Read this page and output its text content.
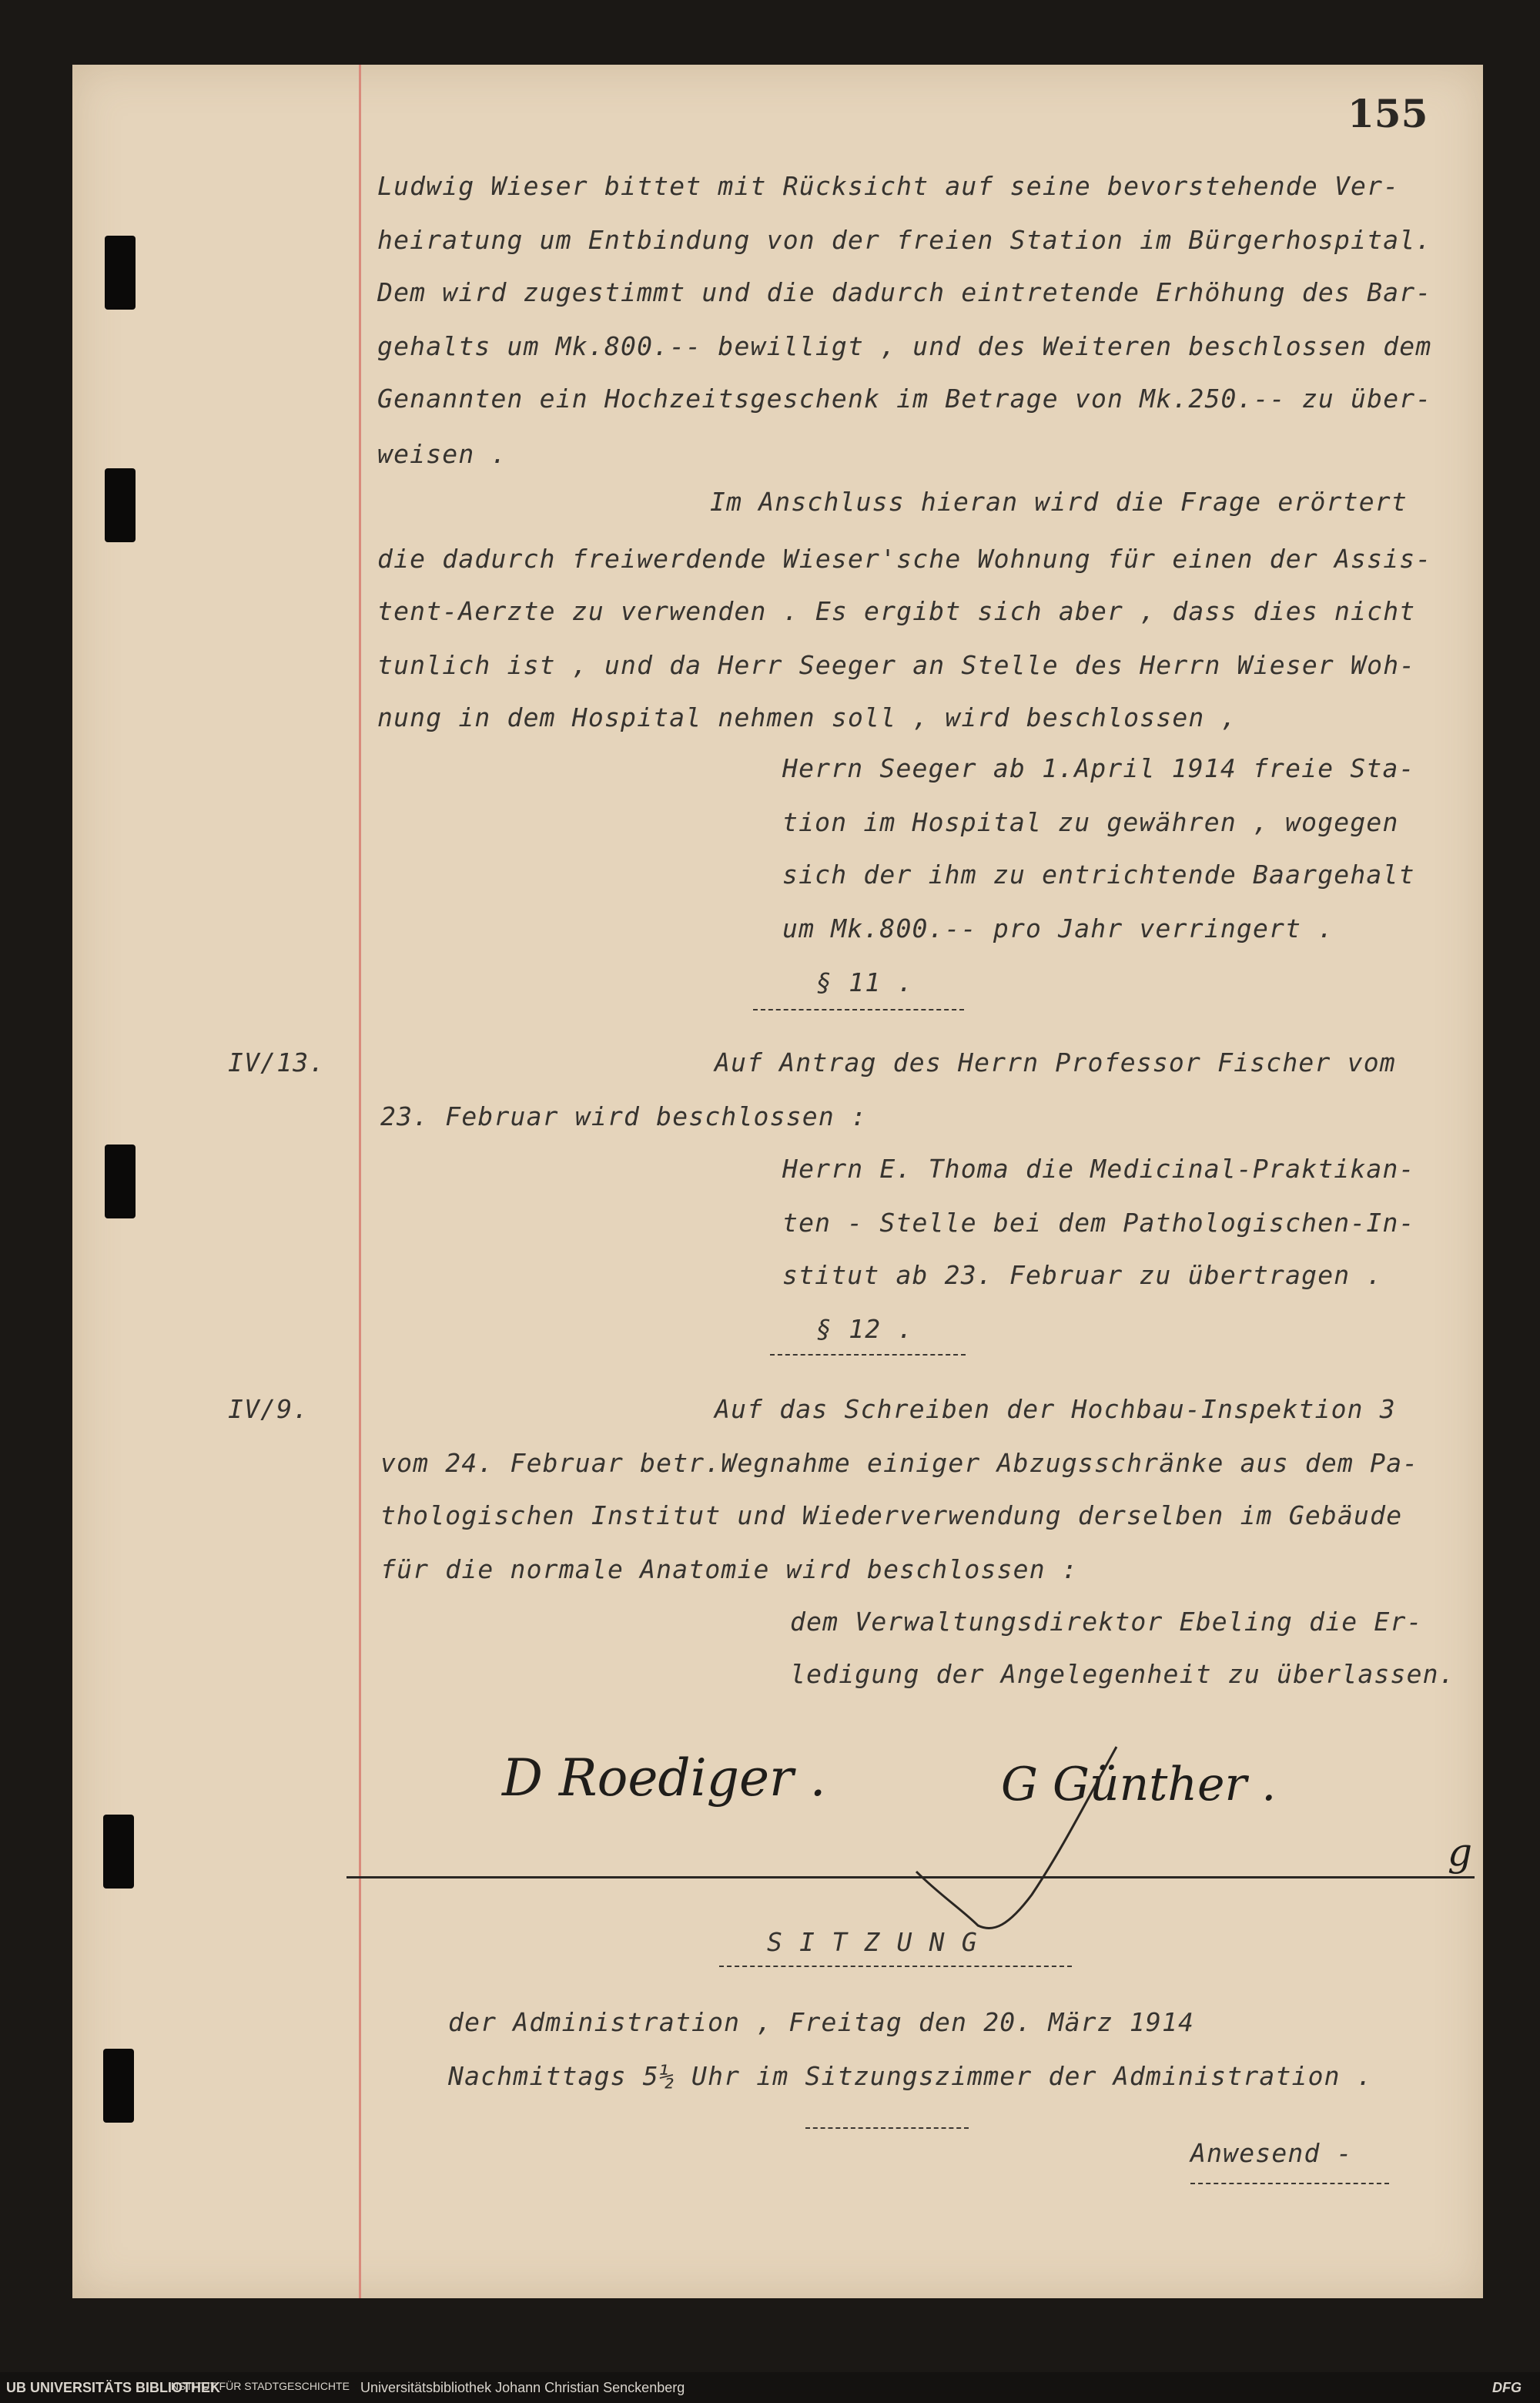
155
Ludwig Wieser bittet mit Rücksicht auf seine bevorstehende Ver-
heiratung um Entbindung von der freien Station im Bürgerhospital.
Dem wird zugestimmt und die dadurch eintretende Erhöhung des Bar-
gehalts um Mk.800.-- bewilligt , und des Weiteren beschlossen dem
Genannten ein Hochzeitsgeschenk im Betrage von Mk.250.-- zu über-
weisen .
Im Anschluss hieran wird die Frage erörtert
die dadurch freiwerdende Wieser'sche Wohnung für einen der Assis-
tent-Aerzte zu verwenden . Es ergibt sich aber , dass dies nicht
tunlich ist , und da Herr Seeger an Stelle des Herrn Wieser Woh-
nung in dem Hospital nehmen soll , wird beschlossen ,
Herrn Seeger ab 1.April 1914 freie Sta-
tion im Hospital zu gewähren , wogegen
sich der ihm zu entrichtende Baargehalt
um Mk.800.-- pro Jahr verringert .
§ 11 .
IV/13.	Auf Antrag des Herrn Professor Fischer vom
23. Februar wird beschlossen :
Herrn E. Thoma die Medicinal-Praktikan-
ten - Stelle bei dem Pathologischen-In-
stitut ab 23. Februar zu übertragen .
§ 12 .
IV/9.	Auf das Schreiben der Hochbau-Inspektion 3
vom 24. Februar betr.Wegnahme einiger Abzugsschränke aus dem Pa-
thologischen Institut und Wiederverwendung derselben im Gebäude
für die normale Anatomie wird beschlossen :
dem Verwaltungsdirektor Ebeling die Er-
ledigung der Angelegenheit zu überlassen.
S I T Z U N G
der Administration , Freitag den 20. März 1914
Nachmittags 5½ Uhr im Sitzungszimmer der Administration .
Anwesend -
D Roediger .	G Günther .
g
UB UNIVERSITÄTS BIBLIOTHEK
INSTITUT FÜR STADTGESCHICHTE Universitätsbibliothek Johann Christian Senckenberg	DFG
